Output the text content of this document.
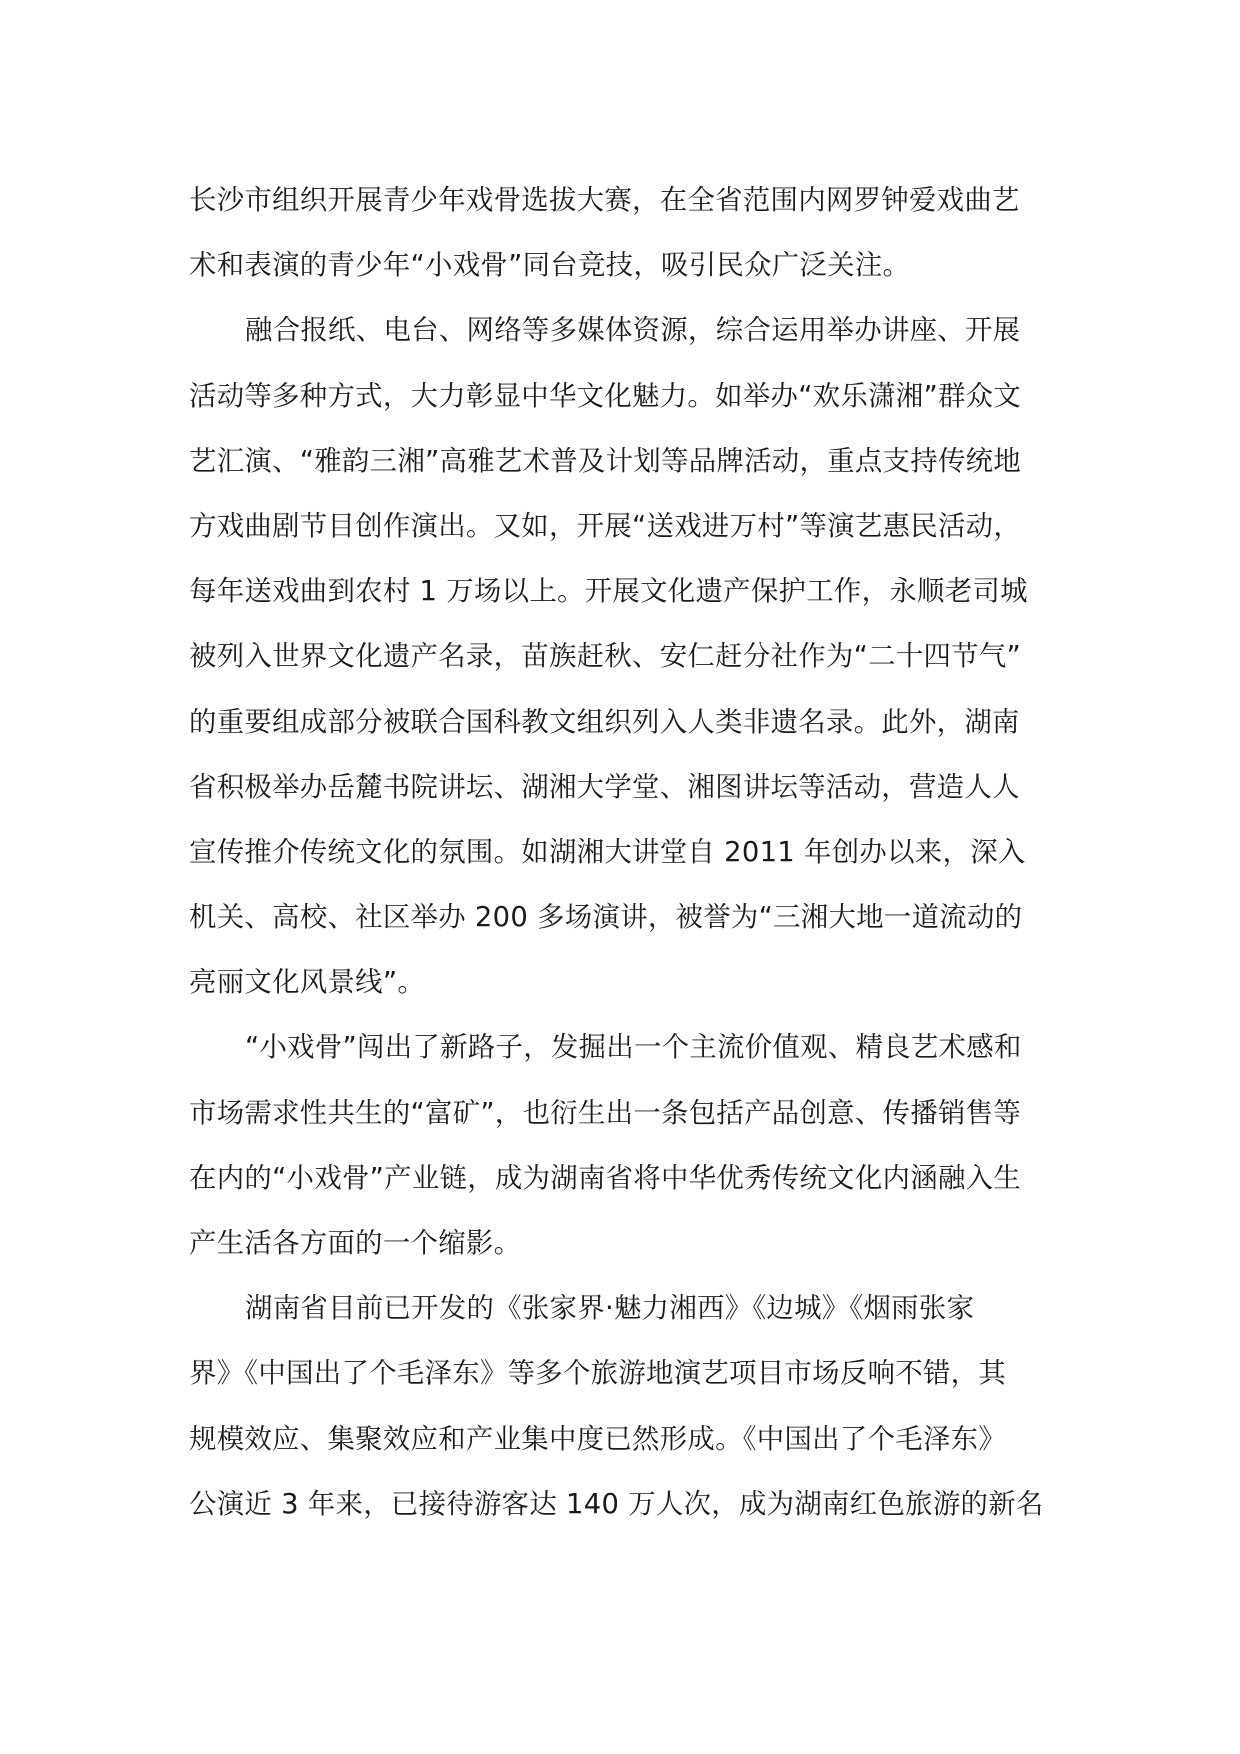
长沙市组织开展青少年戏骨选拔大赛，在全省范围内网罗钟爱戏曲艺
术和表演的青少年“小戏骨”同台竞技，吸引民众广泛关注。
融合报纸、电台、网络等多媒体资源，综合运用举办讲座、开展
活动等多种方式，大力彰显中华文化魅力。如举办“欢乐潇湘”群众文
艺汇演、“雅韵三湘”高雅艺术普及计划等品牌活动，重点支持传统地
方戏曲剧节目创作演出。又如，开展“送戏进万村”等演艺惠民活动，
每年送戏曲到农村 1 万场以上。开展文化遗产保护工作，永顺老司城
被列入世界文化遗产名录，苗族赶秋、安仁赶分社作为“二十四节气”
的重要组成部分被联合国科教文组织列入人类非遗名录。此外，湖南
省积极举办岳麓书院讲坛、湖湘大学堂、湘图讲坛等活动，营造人人
宣传推介传统文化的氛围。如湖湘大讲堂自 2011 年创办以来，深入
机关、高校、社区举办 200 多场演讲，被誉为“三湘大地一道流动的
亮丽文化风景线”。
“小戏骨”闯出了新路子，发掘出一个主流价值观、精良艺术感和
市场需求性共生的“富矿”，也衍生出一条包括产品创意、传播销售等
在内的“小戏骨”产业链，成为湖南省将中华优秀传统文化内涵融入生
产生活各方面的一个缩影。
湖南省目前已开发的《张家界·魅力湘西》《边城》《烟雨张家
界》《中国出了个毛泽东》等多个旅游地演艺项目市场反响不错，其
规模效应、集聚效应和产业集中度已然形成。《中国出了个毛泽东》
公演近 3 年来，已接待游客达 140 万人次，成为湖南红色旅游的新名
